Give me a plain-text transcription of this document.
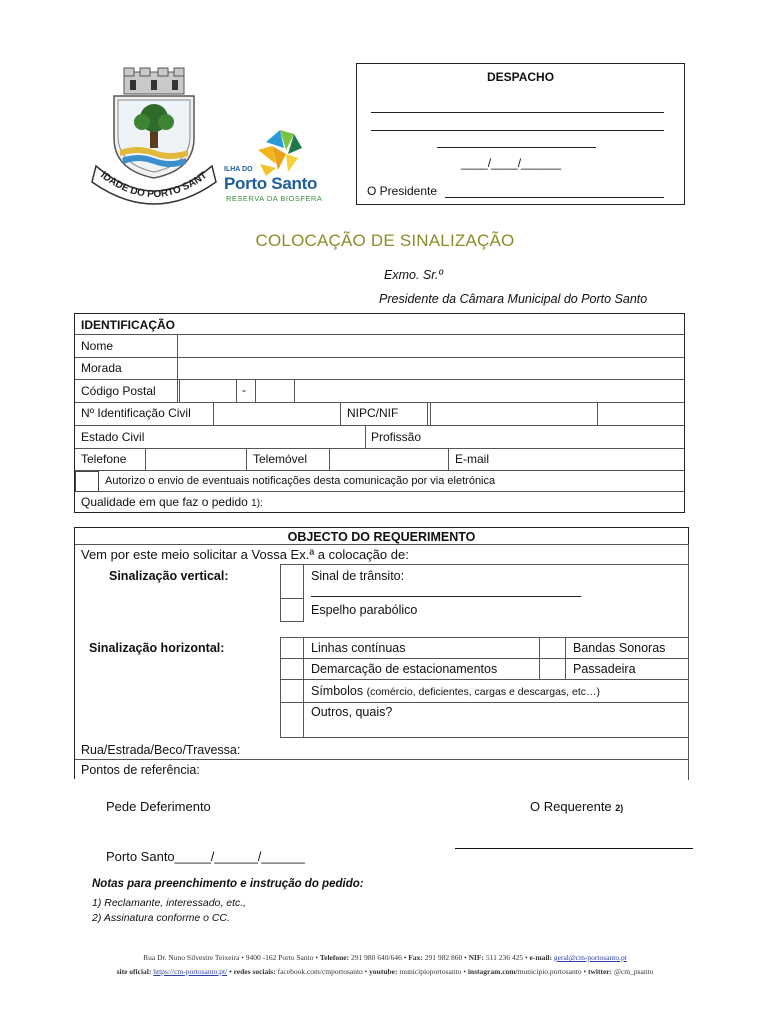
IDADE DO PORTO SANT
ILHA DO
Porto Santo
RESERVA DA BIOSFERA
DESPACHO
____/____/______
O Presidente
COLOCAÇÃO DE SINALIZAÇÃO
Exmo. Sr.º
Presidente da Câmara Municipal do Porto Santo
IDENTIFICAÇÃO
Nome
Morada
Código Postal	-
Nº Identificação Civil	NIPC/NIF
Estado Civil	Profissão
Telefone	Telemóvel	E-mail
Autorizo o envio de eventuais notificações desta comunicação por via eletrónica
Qualidade em que faz o pedido 1):
OBJECTO DO REQUERIMENTO
Vem por este meio solicitar a Vossa Ex.ª a colocação de:
Sinalização vertical:	Sinal de trânsito:
Espelho parabólico
Sinalização horizontal:	Linhas contínuas	Bandas Sonoras
Demarcação de estacionamentos	Passadeira
Símbolos (comércio, deficientes, cargas e descargas, etc…)
Outros, quais?
Rua/Estrada/Beco/Travessa:
Pontos de referência:
Pede Deferimento	O Requerente 2)
Porto Santo_____/______/______
Notas para preenchimento e instrução do pedido:
1) Reclamante, interessado, etc.,
2) Assinatura conforme o CC.
Rua Dr. Nuno Silvestre Teixeira • 9400 -162 Porto Santo • Telefone: 291 980 640/646 • Fax: 291 982 860 • NIF: 511 236 425 • e-mail: geral@cm-portosanto.pt
site oficial: https://cm-portosanto.pt/ • redes sociais: facebook.com/cmportosanto • youtube: municipioportosanto • instagram.com/municipio.portosanto • twitter: @cm_psanto
